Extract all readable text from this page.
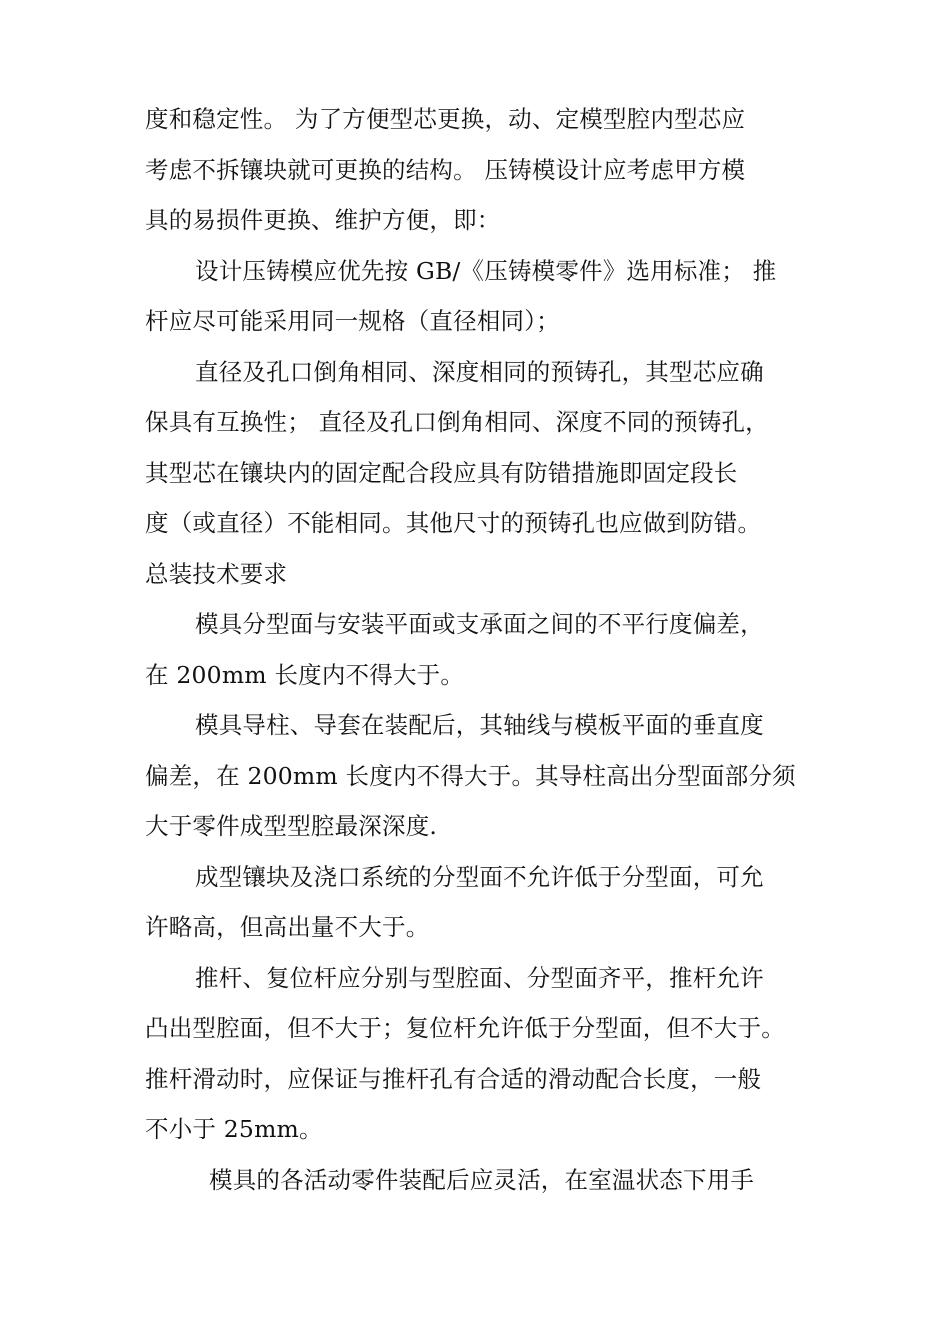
度和稳定性。 为了方便型芯更换，动、定模型腔内型芯应
考虑不拆镶块就可更换的结构。 压铸模设计应考虑甲方模
具的易损件更换、维护方便，即：

设计压铸模应优先按 GB/《压铸模零件》选用标准； 推
杆应尽可能采用同一规格（直径相同）；

直径及孔口倒角相同、深度相同的预铸孔，其型芯应确
保具有互换性； 直径及孔口倒角相同、深度不同的预铸孔，
其型芯在镶块内的固定配合段应具有防错措施即固定段长
度（或直径）不能相同。其他尺寸的预铸孔也应做到防错。

总装技术要求

模具分型面与安装平面或支承面之间的不平行度偏差，
在 200mm 长度内不得大于。

模具导柱、导套在装配后，其轴线与模板平面的垂直度
偏差，在 200mm 长度内不得大于。其导柱高出分型面部分须
大于零件成型型腔最深深度.

成型镶块及浇口系统的分型面不允许低于分型面，可允
许略高，但高出量不大于。

推杆、复位杆应分别与型腔面、分型面齐平，推杆允许
凸出型腔面，但不大于；复位杆允许低于分型面，但不大于。
推杆滑动时，应保证与推杆孔有合适的滑动配合长度，一般
不小于 25mm。

模具的各活动零件装配后应灵活，在室温状态下用手
